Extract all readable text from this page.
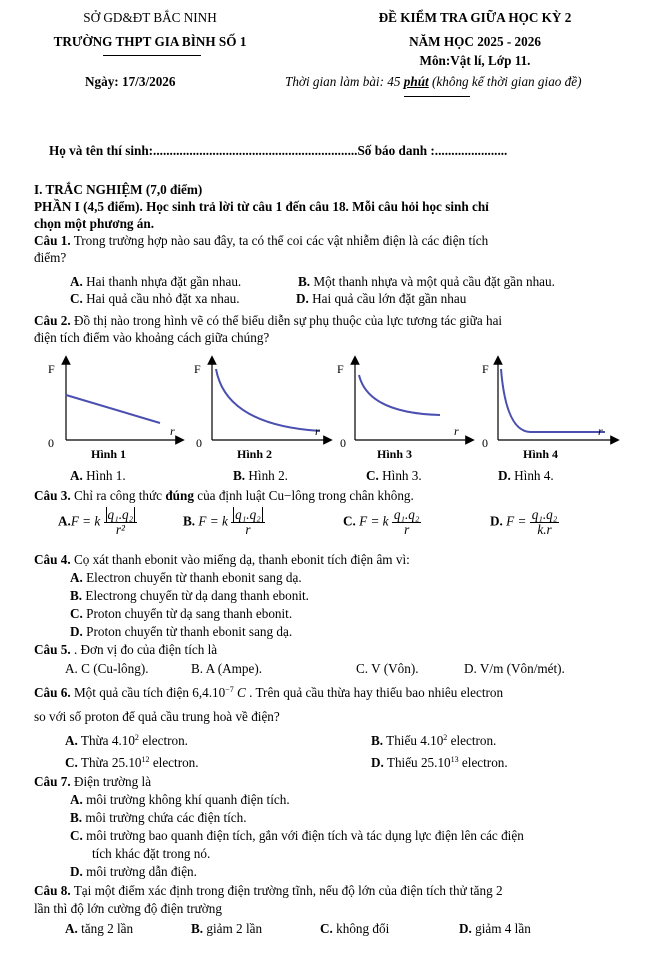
SỞ GD&ĐT BẮC NINH
TRƯỜNG THPT GIA BÌNH SỐ 1
Ngày: 17/3/2026
ĐỀ KIỂM TRA GIỮA HỌC KỲ 2
NĂM HỌC 2025 - 2026
Môn:Vật lí, Lớp 11.
Thời gian làm bài: 45 phút (không kể thời gian giao đề)
Họ và tên thí sinh:..............................................................Số báo danh :......................
I. TRẮC NGHIỆM (7,0 điểm)
PHẦN I (4,5 điểm). Học sinh trả lời từ câu 1 đến câu 18. Mỗi câu hỏi học sinh chỉ
chọn một phương án.
Câu 1. Trong trường hợp nào sau đây, ta có thể coi các vật nhiễm điện là các điện tích
điểm?
A. Hai thanh nhựa đặt gần nhau.	B. Một thanh nhựa và một quả cầu đặt gần nhau.
C. Hai quả cầu nhỏ đặt xa nhau.	D. Hai quả cầu lớn đặt gần nhau
Câu 2. Đồ thị nào trong hình vẽ có thể biểu diễn sự phụ thuộc của lực tương tác giữa hai
điện tích điểm vào khoảng cách giữa chúng?
F
0
r
Hình 1
F
0
r
Hình 2
F
0
r
Hình 3
F
0
r
Hình 4
A. Hình 1.	B. Hình 2.	C. Hình 3.	D. Hình 4.
Câu 3. Chỉ ra công thức đúng của định luật Cu−lông trong chân không.
A.F = k $\frac{\text{q₁.q₂}}{\text{r²}}$	B. F = k $\frac{\text{q₁.q₂}}{r}$	C. F = k $\frac{\text{q₁.q₂}}{r}$	D. $F = \frac{\text{q₁.q₂}}{k.r}$
Câu 4. Cọ xát thanh ebonit vào miếng dạ, thanh ebonit tích điện âm vì:
A. Electron chuyển từ thanh ebonit sang dạ.
B. Electrong chuyển từ dạ dang thanh ebonit.
C. Proton chuyển từ dạ sang thanh ebonit.
D. Proton chuyển từ thanh ebonit sang dạ.
Câu 5. . Đơn vị đo của điện tích là
A. C (Cu-lông).	B. A (Ampe).	C. V (Vôn).	D. V/m (Vôn/mét).
Câu 6. Một quả cầu tích điện $6,4.10^{-7}$ C . Trên quả cầu thừa hay thiếu bao nhiêu electron
so với số proton để quả cầu trung hoà về điện?
A. Thừa 4.10$^2$ electron.	B. Thiếu 4.10$^2$ electron.
C. Thừa 25.10$^{12}$ electron.	D. Thiếu 25.10$^{13}$ electron.
Câu 7. Điện trường là
A. môi trường không khí quanh điện tích.
B. môi trường chứa các điện tích.
C. môi trường bao quanh điện tích, gắn với điện tích và tác dụng lực điện lên các điện
tích khác đặt trong nó.
D. môi trường dẫn điện.
Câu 8. Tại một điểm xác định trong điện trường tĩnh, nếu độ lớn của điện tích thử tăng 2
lần thì độ lớn cường độ điện trường
A. tăng 2 lần	B. giảm 2 lần	C. không đổi	D. giảm 4 lần
